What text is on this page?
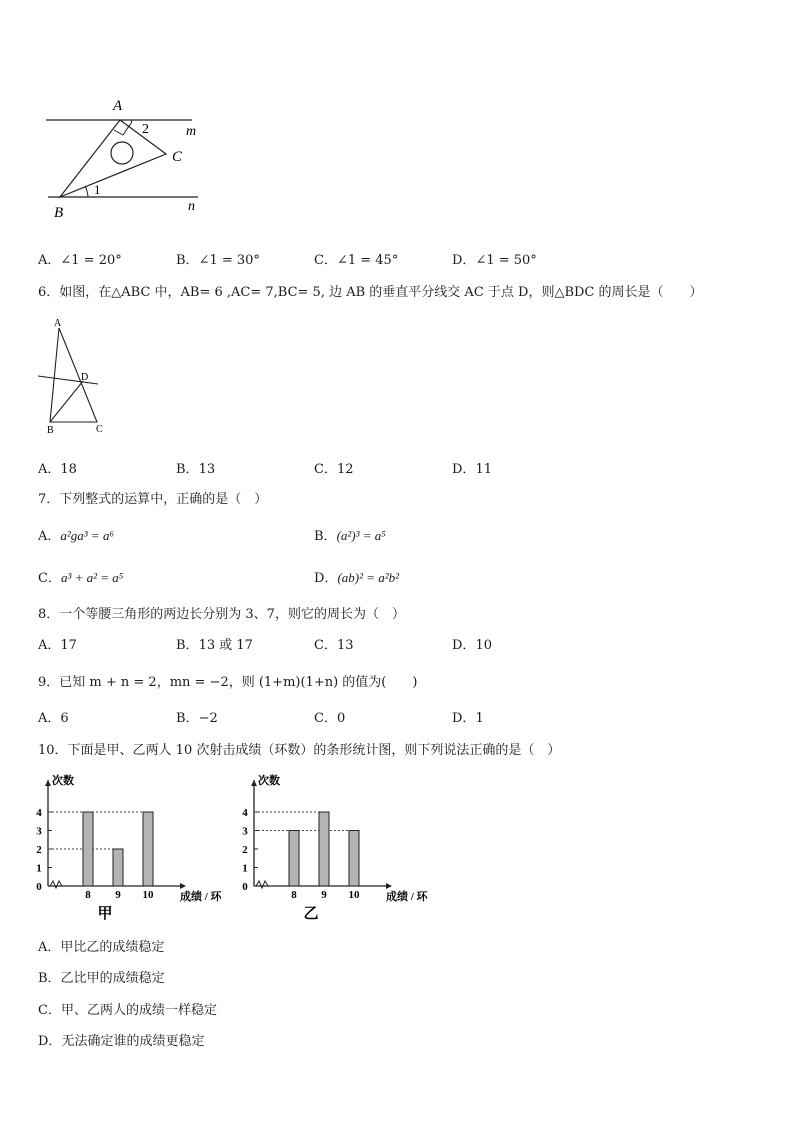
A
2	m
C
1
n
B
A．∠1 = 20°	B．∠1 = 30°	C．∠1 = 45°	D．∠1 = 50°
6．如图，在△ABC 中，AB= 6 ,AC= 7,BC= 5, 边 AB 的垂直平分线交 AC 于点 D，则△BDC 的周长是（　　）
A
D
B	C
A．18	B．13	C．12	D．11
7．下列整式的运算中，正确的是（　）
A．a²ga³ = a⁶	B．(a²)³ = a⁵
C．a³ + a² = a⁵	D．(ab)² = a²b²
8．一个等腰三角形的两边长分别为 3、7，则它的周长为（　）
A．17	B．13 或 17	C．13	D．10
9．已知 m + n = 2，mn = −2，则 (1+m)(1+n) 的值为(　　)
A．6	B．−2	C．0	D．1
10．下面是甲、乙两人 10 次射击成绩（环数）的条形统计图，则下列说法正确的是（　）
次数
0
1
2
3
4
8 9 10 成绩 / 环
甲
次数
0
1
2
3
4
8 9 10 成绩 / 环
乙
A．甲比乙的成绩稳定
B．乙比甲的成绩稳定
C．甲、乙两人的成绩一样稳定
D．无法确定谁的成绩更稳定
